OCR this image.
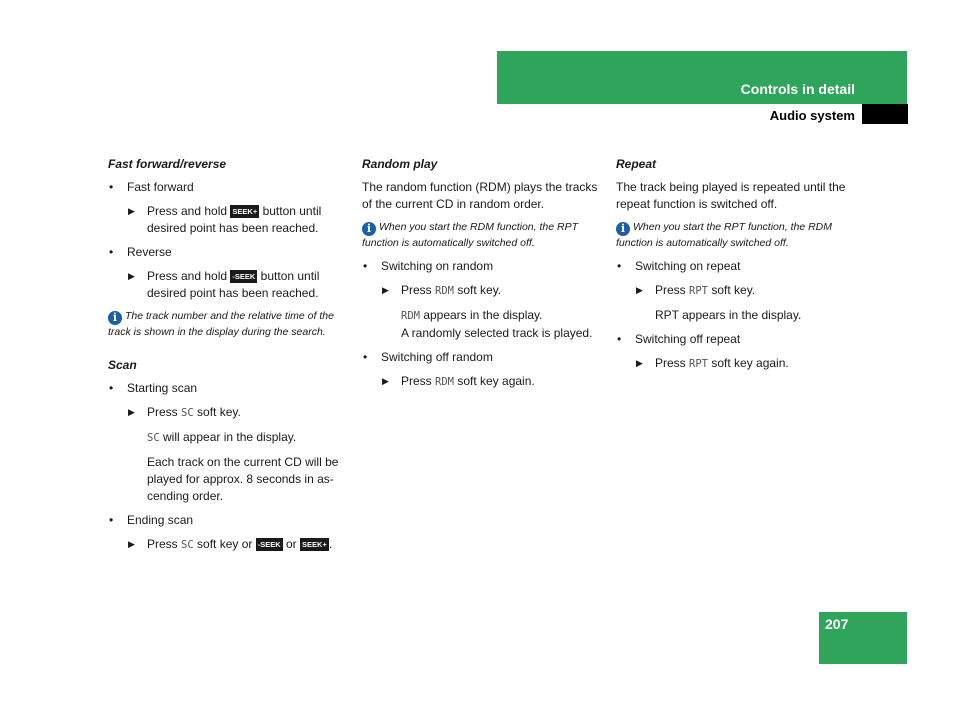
Controls in detail
Audio system
Fast forward/reverse
• Fast forward
▶ Press and hold SEEK+ button until desired point has been reached.
• Reverse
▶ Press and hold -SEEK button until desired point has been reached.
i The track number and the relative time of the track is shown in the display during the search.
Scan
• Starting scan
▶ Press SC soft key.
SC will appear in the display.
Each track on the current CD will be played for approx. 8 seconds in as-cending order.
• Ending scan
▶ Press SC soft key or -SEEK or SEEK+ .
Random play
The random function (RDM) plays the tracks of the current CD in random order.
i When you start the RDM function, the RPT function is automatically switched off.
• Switching on random
▶ Press RDM soft key.
RDM appears in the display.
A randomly selected track is played.
• Switching off random
▶ Press RDM soft key again.
Repeat
The track being played is repeated until the repeat function is switched off.
i When you start the RPT function, the RDM function is automatically switched off.
• Switching on repeat
▶ Press RPT soft key.
RPT appears in the display.
• Switching off repeat
▶ Press RPT soft key again.
207
